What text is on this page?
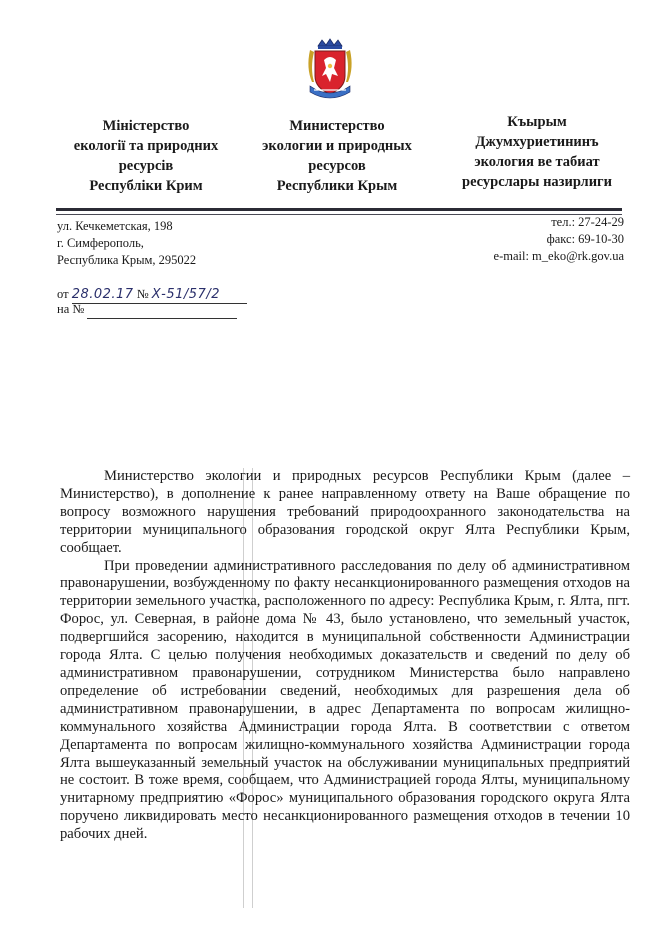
Міністерство
екології та природних
ресурсів
Республіки Крим
Министерство
экологии и природных
ресурсов
Республики Крым
Къырым
Джумхуриетининъ
экология ве табиат
ресурслары назирлиги
ул. Кечкеметская, 198
г. Симферополь,
Республика Крым, 295022
тел.: 27-24-29
факс: 69-10-30
e-mail: m_eko@rk.gov.ua
от 28.02.17 № Х-51/57/2
на №

Министерство экологии и природных ресурсов Республики Крым (далее – Министерство), в дополнение к ранее направленному ответу на Ваше обращение по вопросу возможного нарушения требований природоохранного законодательства на территории муниципального образования городской округ Ялта Республики Крым, сообщает.

При проведении административного расследования по делу об административном правонарушении, возбужденному по факту несанкционированного размещения отходов на территории земельного участка, расположенного по адресу: Республика Крым, г. Ялта, пгт. Форос, ул. Северная, в районе дома № 43, было установлено, что земельный участок, подвергшийся засорению, находится в муниципальной собственности Администрации города Ялта. С целью получения необходимых доказательств и сведений по делу об административном правонарушении, сотрудником Министерства было направлено определение об истребовании сведений, необходимых для разрешения дела об административном правонарушении, в адрес Департамента по вопросам жилищно-коммунального хозяйства Администрации города Ялта. В соответствии с ответом Департамента по вопросам жилищно-коммунального хозяйства Администрации города Ялта вышеуказанный земельный участок на обслуживании муниципальных предприятий не состоит. В тоже время, сообщаем, что Администрацией города Ялты, муниципальному унитарному предприятию «Форос» муниципального образования городского округа Ялта поручено ликвидировать место несанкционированного размещения отходов в течении 10 рабочих дней.
